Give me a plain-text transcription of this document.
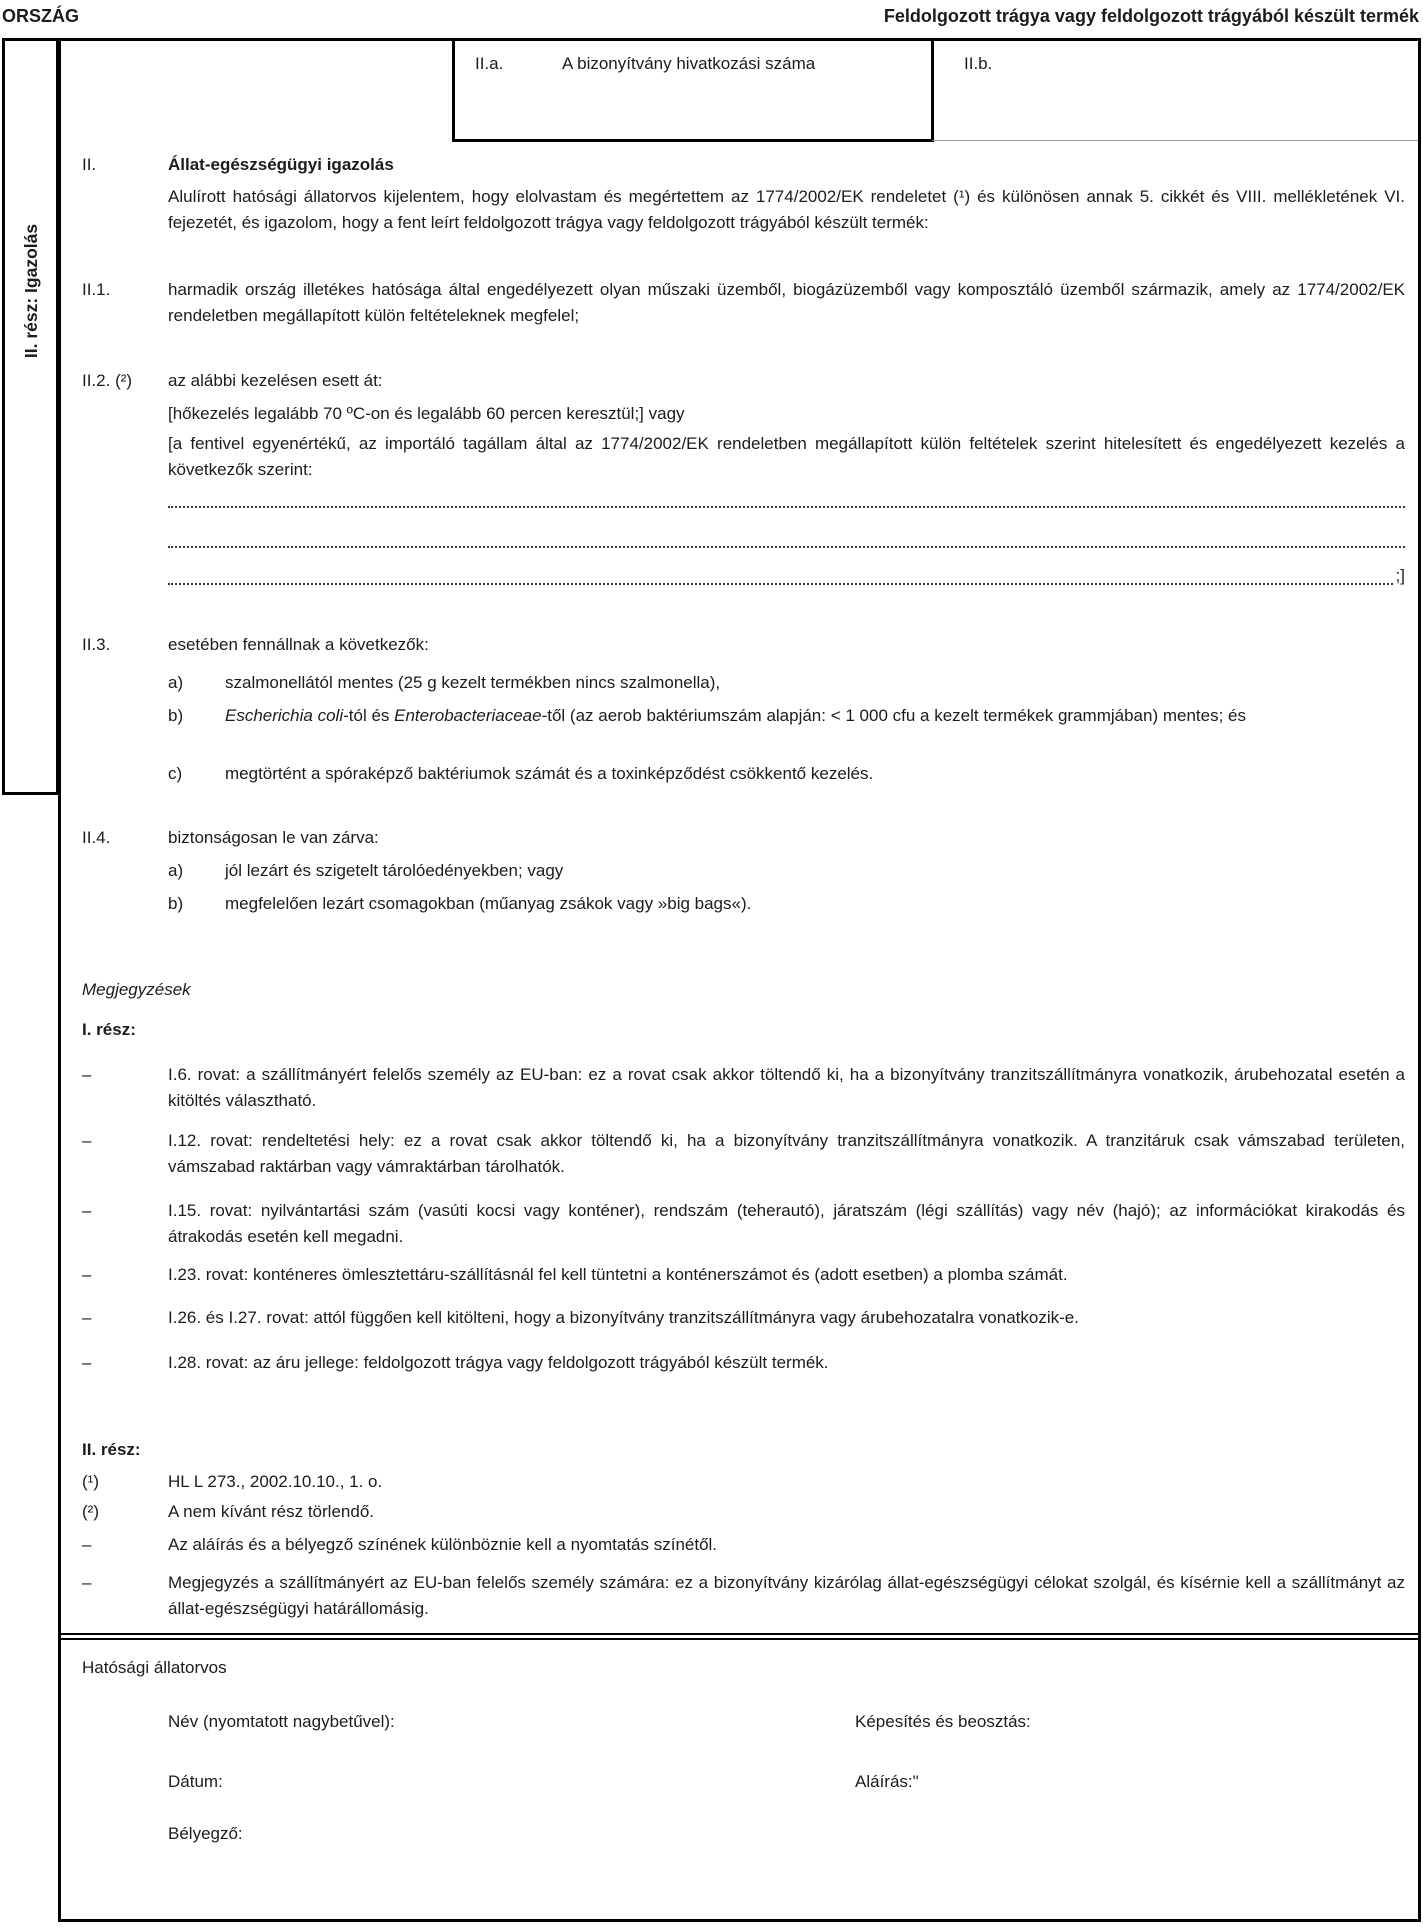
ORSZÁG	Feldolgozott trágya vagy feldolgozott trágyából készült termék
II. rész: Igazolás
II.a.	A bizonyítvány hivatkozási száma	II.b.
II.	Állat-egészségügyi igazolás
Alulírott hatósági állatorvos kijelentem, hogy elolvastam és megértettem az 1774/2002/EK rendeletet (¹) és különösen annak 5. cikkét és VIII. mellékletének VI. fejezetét, és igazolom, hogy a fent leírt feldolgozott trágya vagy feldolgozott trágyából készült termék:
II.1.	harmadik ország illetékes hatósága által engedélyezett olyan műszaki üzemből, biogázüzemből vagy komposztáló üzemből származik, amely az 1774/2002/EK rendeletben megállapított külön feltételeknek megfelel;
II.2. (²)	az alábbi kezelésen esett át:
[hőkezelés legalább 70 ºC-on és legalább 60 percen keresztül;] vagy
[a fentivel egyenértékű, az importáló tagállam által az 1774/2002/EK rendeletben megállapított külön feltételek szerint hitelesített és engedélyezett kezelés a következők szerint:
;]
II.3.	esetében fennállnak a következők:
a)	szalmonellától mentes (25 g kezelt termékben nincs szalmonella),
b)	Escherichia coli-tól és Enterobacteriaceae-től (az aerob baktériumszám alapján: < 1 000 cfu a kezelt termékek grammjában) mentes; és
c)	megtörtént a spóraképző baktériumok számát és a toxinképződést csökkentő kezelés.
II.4.	biztonságosan le van zárva:
a)	jól lezárt és szigetelt tárolóedényekben; vagy
b)	megfelelően lezárt csomagokban (műanyag zsákok vagy »big bags«).
Megjegyzések
I. rész:
–	I.6. rovat: a szállítmányért felelős személy az EU-ban: ez a rovat csak akkor töltendő ki, ha a bizonyítvány tranzitszállítmányra vonatkozik, árubehozatal esetén a kitöltés választható.
–	I.12. rovat: rendeltetési hely: ez a rovat csak akkor töltendő ki, ha a bizonyítvány tranzitszállítmányra vonatkozik. A tranzitáruk csak vámszabad területen, vámszabad raktárban vagy vámraktárban tárolhatók.
–	I.15. rovat: nyilvántartási szám (vasúti kocsi vagy konténer), rendszám (teherautó), járatszám (légi szállítás) vagy név (hajó); az információkat kirakodás és átrakodás esetén kell megadni.
–	I.23. rovat: konténeres ömlesztettáru-szállításnál fel kell tüntetni a konténerszámot és (adott esetben) a plomba számát.
–	I.26. és I.27. rovat: attól függően kell kitölteni, hogy a bizonyítvány tranzitszállítmányra vagy árubehozatalra vonatkozik-e.
–	I.28. rovat: az áru jellege: feldolgozott trágya vagy feldolgozott trágyából készült termék.
II. rész:
(¹)	HL L 273., 2002.10.10., 1. o.
(²)	A nem kívánt rész törlendő.
–	Az aláírás és a bélyegző színének különböznie kell a nyomtatás színétől.
–	Megjegyzés a szállítmányért az EU-ban felelős személy számára: ez a bizonyítvány kizárólag állat-egészségügyi célokat szolgál, és kísérnie kell a szállítmányt az állat-egészségügyi határállomásig.
Hatósági állatorvos
Név (nyomtatott nagybetűvel):	Képesítés és beosztás:
Dátum:	Aláírás:"
Bélyegző:
